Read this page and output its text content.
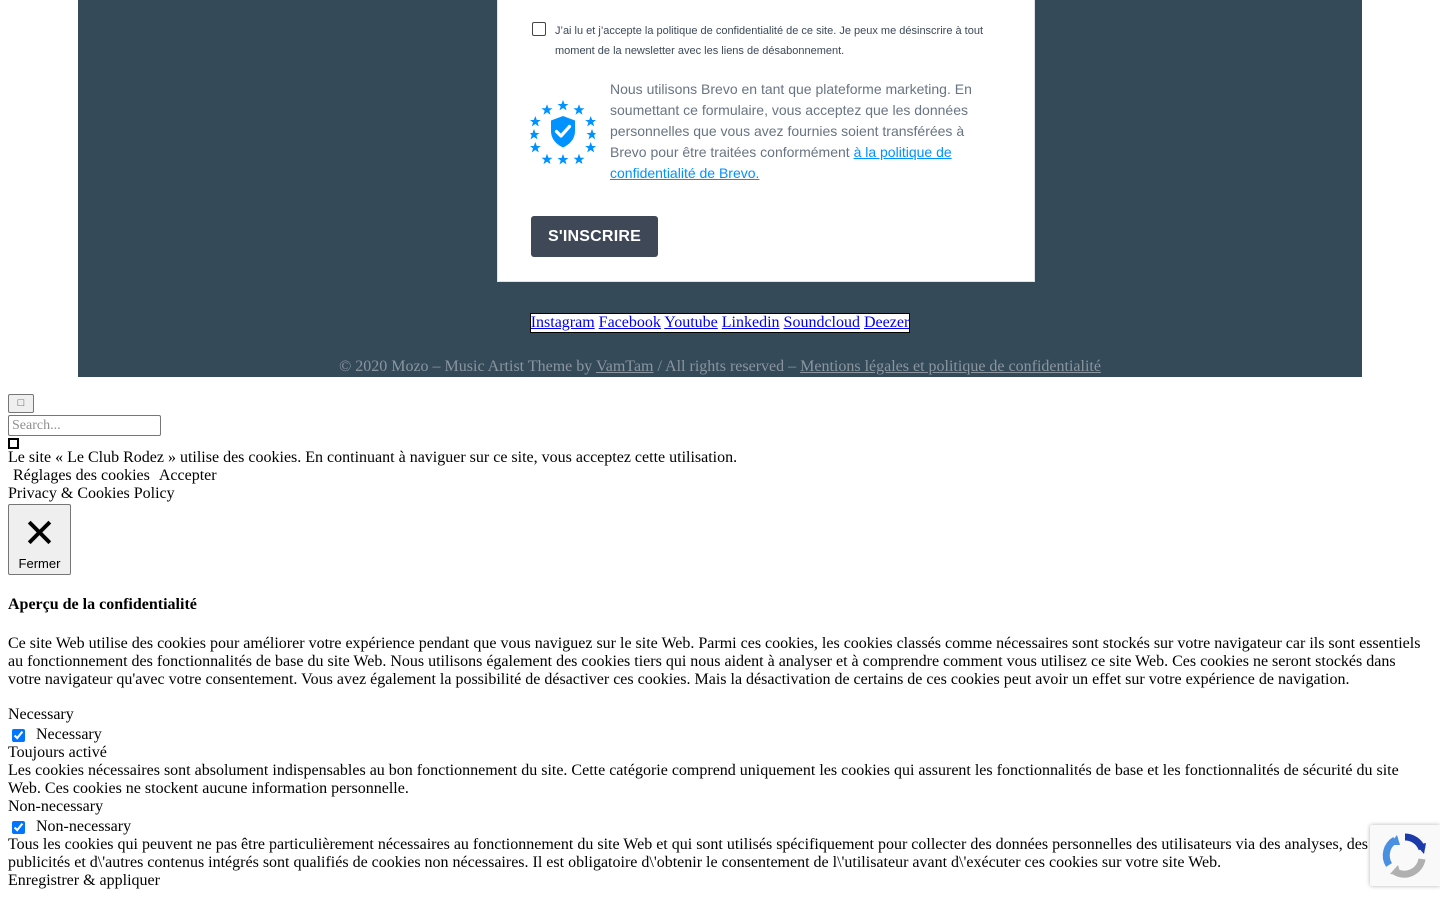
J’ai lu et j’accepte la politique de confidentialité de ce site. Je peux me désinscrire à tout moment de la newsletter avec les liens de désabonnement.
Nous utilisons Brevo en tant que plateforme marketing. En soumettant ce formulaire, vous acceptez que les données personnelles que vous avez fournies soient transférées à Brevo pour être traitées conformément à la politique de confidentialité de Brevo.
S'INSCRIRE
Instagram Facebook Youtube Linkedin Soundcloud Deezer
© 2020 Mozo – Music Artist Theme by VamTam / All rights reserved – Mentions légales et politique de confidentialité
□
Search...
Le site « Le Club Rodez » utilise des cookies. En continuant à naviguer sur ce site, vous acceptez cette utilisation.
Réglages des cookies Accepter
Privacy & Cookies Policy
✕
Fermer
Aperçu de la confidentialité

Ce site Web utilise des cookies pour améliorer votre expérience pendant que vous naviguez sur le site Web. Parmi ces cookies, les cookies classés comme nécessaires sont stockés sur votre navigateur car ils sont essentiels au fonctionnement des fonctionnalités de base du site Web. Nous utilisons également des cookies tiers qui nous aident à analyser et à comprendre comment vous utilisez ce site Web. Ces cookies ne seront stockés dans votre navigateur qu'avec votre consentement. Vous avez également la possibilité de désactiver ces cookies. Mais la désactivation de certains de ces cookies peut avoir un effet sur votre expérience de navigation.

Necessary
Necessary
Toujours activé
Les cookies nécessaires sont absolument indispensables au bon fonctionnement du site. Cette catégorie comprend uniquement les cookies qui assurent les fonctionnalités de base et les fonctionnalités de sécurité du site Web. Ces cookies ne stockent aucune information personnelle.
Non-necessary
Non-necessary
Tous les cookies qui peuvent ne pas être particulièrement nécessaires au fonctionnement du site Web et qui sont utilisés spécifiquement pour collecter des données personnelles des utilisateurs via des analyses, des publicités et d\'autres contenus intégrés sont qualifiés de cookies non nécessaires. Il est obligatoire d\'obtenir le consentement de l\'utilisateur avant d\'exécuter ces cookies sur votre site Web.
Enregistrer & appliquer
